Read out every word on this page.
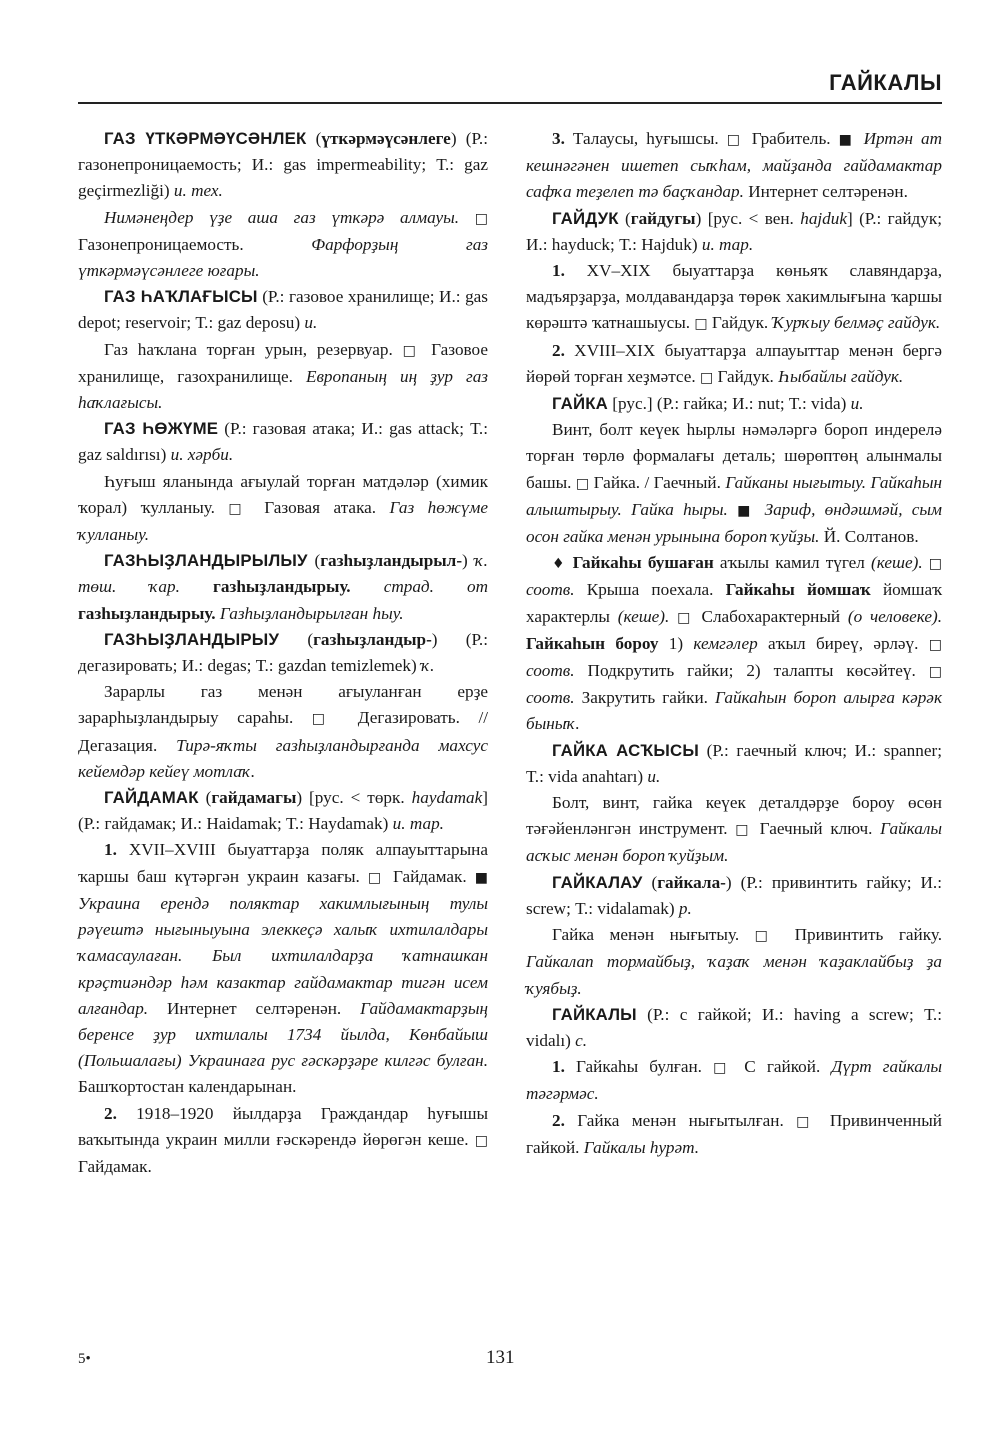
ГАЙКАЛЫ

ГАЗ ҮТКӘРМӘҮСӘНЛЕК (үткәрмәүсәнлеге) (Р.: газонепроницаемость; И.: gas impermeability; Т.: gaz geçirmezliği) и. тех.

Нимәнеңдер үҙе аша газ үткәрә алмауы. □ Газонепроницаемость. Фарфорҙың газ үткәрмәүсәнлеге юғары.

ГАЗ ҺАҠЛАҒЫСЫ (Р.: газовое хранилище; И.: gas depot; reservoir; Т.: gaz deposu) и.

Газ һаҡлана торған урын, резервуар. □ Газовое хранилище, газохранилище. Европаның иң ҙур газ һаҡлағысы.

ГАЗ ҺӨЖҮМЕ (Р.: газовая атака; И.: gas attack; Т.: gaz saldırısı) и. хәрби.

Һуғыш яланында ағыулай торған матдәләр (химик ҡорал) ҡулланыу. □ Газовая атака. Газ һөжүме ҡулланыу.

ГАЗҺЫҘЛАНДЫРЫЛЫУ (газһыҙландырыл-) ҡ. төш. ҡар. газһыҙландырыу. страд. от газһыҙландырыу. Газһыҙландырылған һыу.

ГАЗҺЫҘЛАНДЫРЫУ (газһыҙландыр-) (Р.: дегазировать; И.: degas; Т.: gazdan temizlemek) ҡ.

Зарарлы газ менән ағыуланған ерҙе зарарһыҙландырыу сараһы. □ Дегазировать. // Дегазация. Тирә-яҡты газһыҙландырғанда махсус кейемдәр кейеү мотлаҡ.

ГАЙДАМАК (гайдамагы) [рус. < төрк. haydamak] (Р.: гайдамак; И.: Haidamak; Т.: Haydamak) и. тар.

1. XVII–XVIII быуаттарҙа поляк алпауыттарына ҡаршы баш күтәргән украин казағы. □ Гайдамак. ■ Украина ерендә поляктар хакимлығының тулы рәүештә нығыныуына элеккеҫә халыҡ ихтилалдары ҡамасаулаған. Был ихтилалдарҙа ҡатнашкан крәҫтиәндәр һәм казактар гайдамактар тигән исем алғандар. Интернет селтәренән. Гайдамактарҙың беренсе ҙур ихтилалы 1734 йылда, Көнбайыш (Польшалағы) Украинаға рус ғәскәрҙәре килгәс булған. Башҡортостан календарынан.

2. 1918–1920 йылдарҙа Граждандар һуғышы ваҡытында украин милли ғәскәрендә йөрөгән кеше. □ Гайдамак.

3. Талаусы, һуғышсы. □ Грабитель. ■ Иртән ат кешнәгәнен ишетеп сыҡһам, майҙанда гайдамактар сафҡа теҙелеп тә баҫҡандар. Интернет селтәренән.

ГАЙДУК (гайдугы) [рус. < вен. hajduk] (Р.: гайдук; И.: hayduck; Т.: Hajduk) и. тар.

1. XV–XIX быуаттарҙа көньяҡ славяндарҙа, мадъярҙарҙа, молдавандарҙа төрөк хакимлығына ҡаршы көрәштә ҡатнашыусы. □ Гайдук. Ҡурҡыу белмәҫ гайдук.

2. XVIII–XIX быуаттарҙа алпауыттар менән бергә йөрөй торған хеҙмәтсе. □ Гайдук. Һыбайлы гайдук.

ГАЙКА [рус.] (Р.: гайка; И.: nut; Т.: vida) и.

Винт, болт кеүек һырлы нәмәләргә бороп индерелә торған төрлө формалағы деталь; шөрөптөң алынмалы башы. □ Гайка. / Гаечный. Гайканы нығытыу. Гайкаһын алыштырыу. Гайка һыры. ■ Зариф, өндәшмәй, сым осон гайка менән урынына бороп ҡуйҙы. Й. Солтанов.

♦ Гайкаһы бушаған аҡылы камил түгел (кеше). □ соотв. Крыша поехала. Гайкаһы йомшаҡ йомшаҡ характерлы (кеше). □ Слабохарактерный (о человеке). Гайкаһын бороу 1) кемгәлер аҡыл биреү, әрләү. □ соотв. Подкрутить гайки; 2) талапты көсәйтеү. □ соотв. Закрутить гайки. Гайкаһын бороп алырға кәрәк быныҡ.

ГАЙКА АСҠЫСЫ (Р.: гаечный ключ; И.: spanner; Т.: vida anahtarı) и.

Болт, винт, гайка кеүек деталдәрҙе бороу өсөн тәғәйенләнгән инструмент. □ Гаечный ключ. Гайкалы асҡыс менән бороп ҡуйҙым.

ГАЙКАЛАУ (гайкала-) (Р.: привинтить гайку; И.: screw; Т.: vidalamak) р.

Гайка менән нығытыу. □ Привинтить гайку. Гайкалап тормайбыҙ, ҡаҙаҡ менән ҡаҙаклайбыҙ ҙа ҡуябыҙ.

ГАЙКАЛЫ (Р.: с гайкой; И.: having a screw; Т.: vidalı) с.

1. Гайкаһы булған. □ С гайкой. Дүрт гайкалы тәгәрмәс.

2. Гайка менән нығытылған. □ Привинченный гайкой. Гайкалы һурәт.

5•	131
